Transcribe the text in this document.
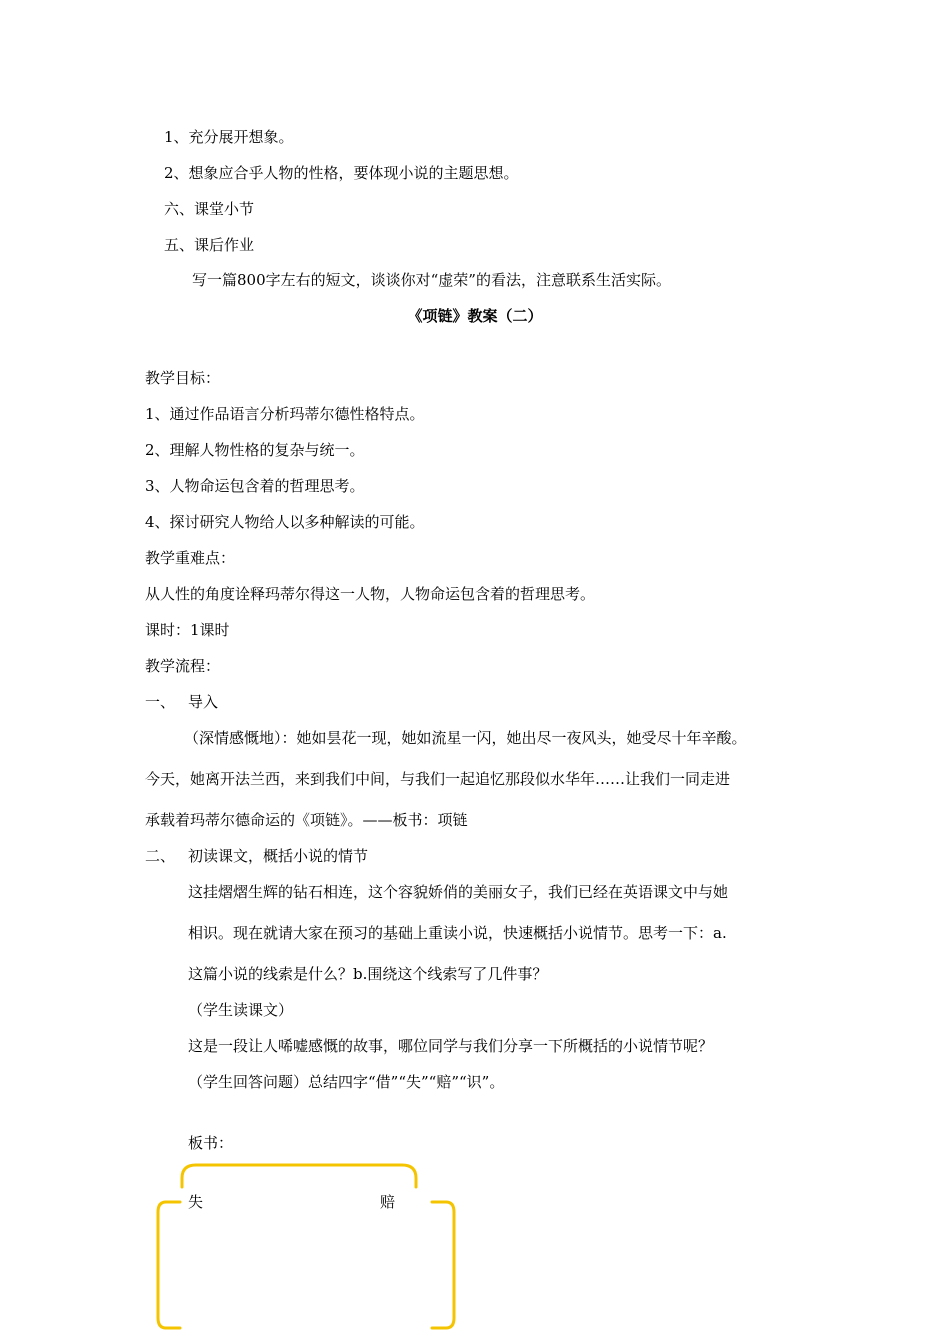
1、充分展开想象。
2、想象应合乎人物的性格，要体现小说的主题思想。
六、课堂小节
五、课后作业
写一篇800字左右的短文，谈谈你对“虚荣”的看法，注意联系生活实际。
《项链》教案（二）
教学目标：
1、通过作品语言分析玛蒂尔德性格特点。
2、理解人物性格的复杂与统一。
3、人物命运包含着的哲理思考。
4、探讨研究人物给人以多种解读的可能。
教学重难点：
从人性的角度诠释玛蒂尔得这一人物，人物命运包含着的哲理思考。
课时：1课时
教学流程：
一、 导入
（深情感慨地）：她如昙花一现，她如流星一闪，她出尽一夜风头，她受尽十年辛酸。
今天，她离开法兰西，来到我们中间，与我们一起追忆那段似水华年……让我们一同走进
承载着玛蒂尔德命运的《项链》。——板书：项链
二、 初读课文，概括小说的情节
这挂熠熠生辉的钻石相连，这个容貌娇俏的美丽女子，我们已经在英语课文中与她
相识。现在就请大家在预习的基础上重读小说，快速概括小说情节。思考一下：a.
这篇小说的线索是什么？b.围绕这个线索写了几件事？
（学生读课文）
这是一段让人唏嘘感慨的故事，哪位同学与我们分享一下所概括的小说情节呢？
（学生回答问题）总结四字“借”“失”“赔”“识”。
板书：
失	赔
